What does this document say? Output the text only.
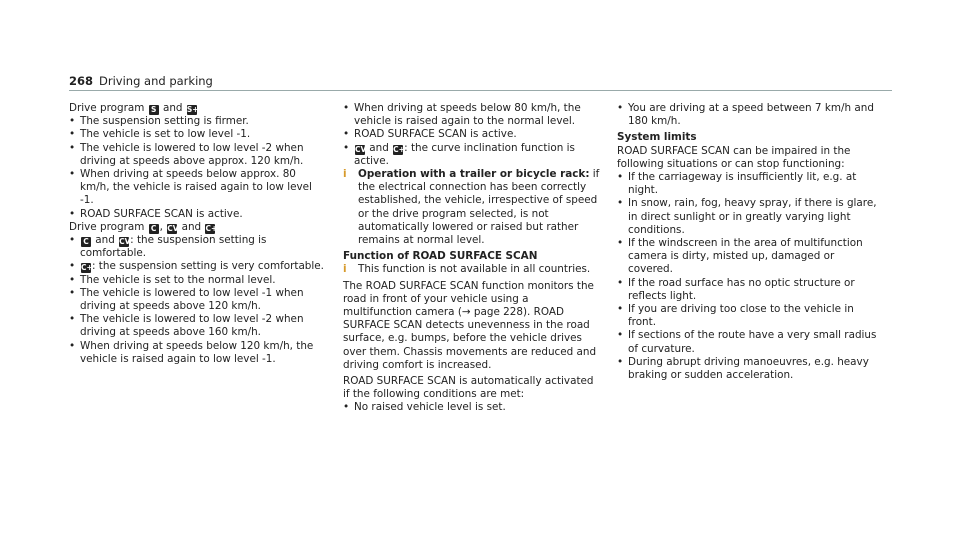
268 Driving and parking

Drive program S and S+

• The suspension setting is firmer.

• The vehicle is set to low level -1.

• The vehicle is lowered to low level -2 when driving at speeds above approx. 120 km/h.

• When driving at speeds below approx. 80 km/h, the vehicle is raised again to low level -1.

• ROAD SURFACE SCAN is active.

Drive program C , CV and C+

• C and CV: the suspension setting is comfortable.

• C+: the suspension setting is very comfortable.

• The vehicle is set to the normal level.

• The vehicle is lowered to low level -1 when driving at speeds above 120 km/h.

• The vehicle is lowered to low level -2 when driving at speeds above 160 km/h.

• When driving at speeds below 120 km/h, the vehicle is raised again to low level -1.

• When driving at speeds below 80 km/h, the vehicle is raised again to the normal level.

• ROAD SURFACE SCAN is active.

• CV and C+: the curve inclination function is active.

i Operation with a trailer or bicycle rack: if the electrical connection has been correctly established, the vehicle, irrespective of speed or the drive program selected, is not automatically lowered or raised but rather remains at normal level.

Function of ROAD SURFACE SCAN

i This function is not available in all countries.

The ROAD SURFACE SCAN function monitors the road in front of your vehicle using a multifunction camera (→ page 228). ROAD SURFACE SCAN detects unevenness in the road surface, e.g. bumps, before the vehicle drives over them. Chassis movements are reduced and driving comfort is increased.

ROAD SURFACE SCAN is automatically activated if the following conditions are met:

• No raised vehicle level is set.

• You are driving at a speed between 7 km/h and 180 km/h.

System limits

ROAD SURFACE SCAN can be impaired in the following situations or can stop functioning:

• If the carriageway is insufficiently lit, e.g. at night.

• In snow, rain, fog, heavy spray, if there is glare, in direct sunlight or in greatly varying light conditions.

• If the windscreen in the area of multifunction camera is dirty, misted up, damaged or covered.

• If the road surface has no optic structure or reflects light.

• If you are driving too close to the vehicle in front.

• If sections of the route have a very small radius of curvature.

• During abrupt driving manoeuvres, e.g. heavy braking or sudden acceleration.
